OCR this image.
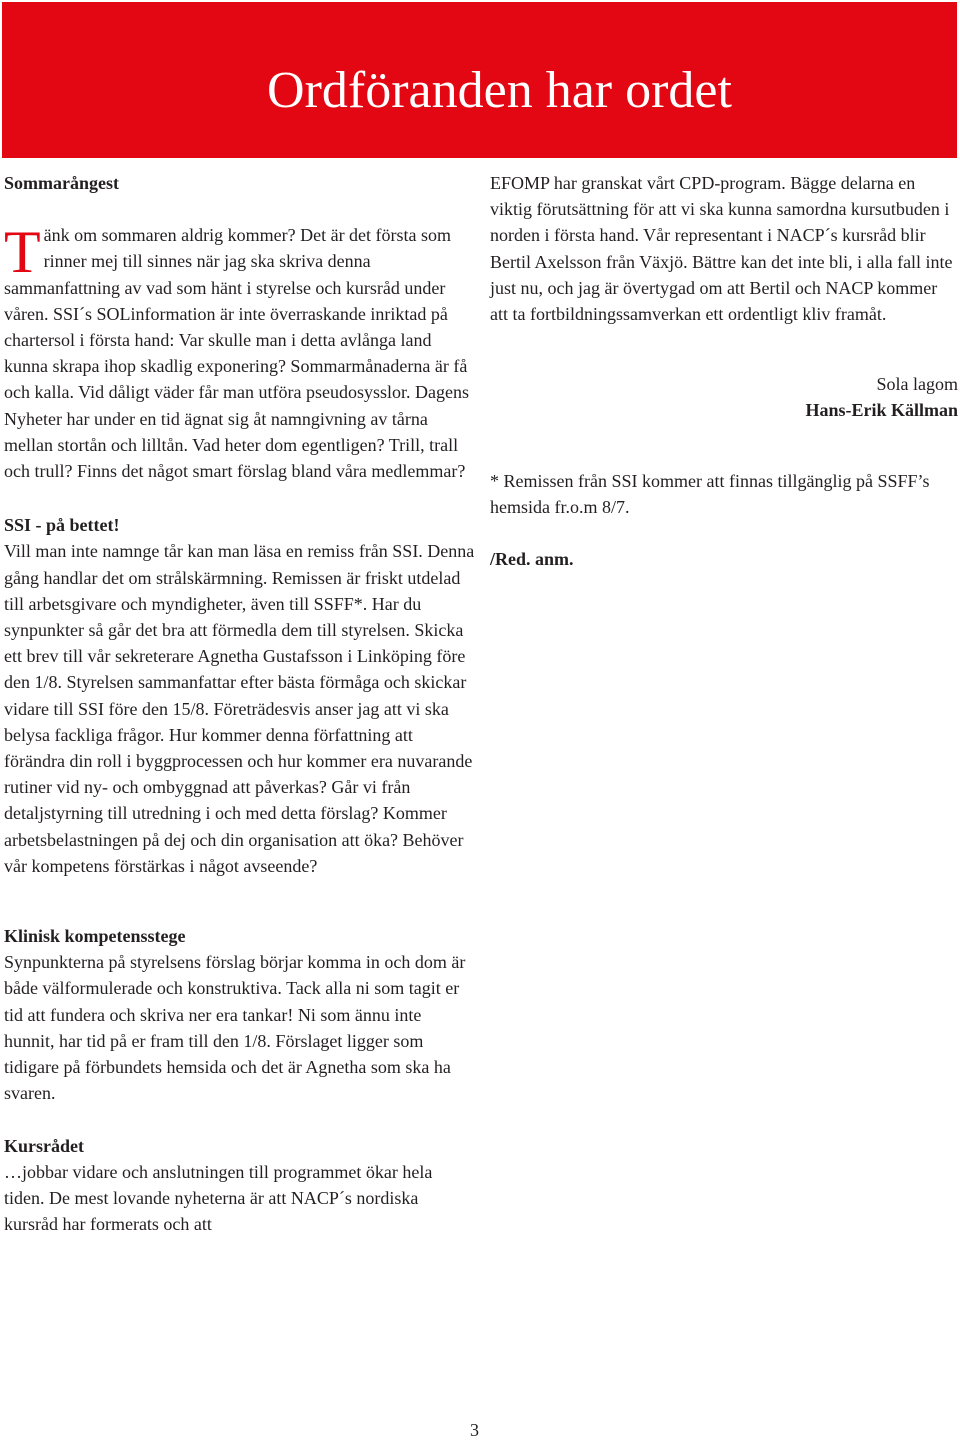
Ordföranden har ordet
Sommarångest

Tänk om sommaren aldrig kommer? Det är det första som rinner mej till sinnes när jag ska skriva denna sammanfattning av vad som hänt i styrelse och kursråd under våren. SSI´s SOLinformation är inte överraskande inriktad på chartersol i första hand: Var skulle man i detta avlånga land kunna skrapa ihop skadlig exponering? Sommarmånaderna är få och kalla. Vid dåligt väder får man utföra pseudosysslor. Dagens Nyheter har under en tid ägnat sig åt namngivning av tårna mellan stortån och lilltån. Vad heter dom egentligen? Trill, trall och trull? Finns det något smart förslag bland våra medlemmar?

SSI - på bettet!

Vill man inte namnge tår kan man läsa en remiss från SSI. Denna gång handlar det om strålskärmning. Remissen är friskt utdelad till arbetsgivare och myndigheter, även till SSFF*. Har du synpunkter så går det bra att förmedla dem till styrelsen. Skicka ett brev till vår sekreterare Agnetha Gustafsson i Linköping före den 1/8. Styrelsen sammanfattar efter bästa förmåga och skickar vidare till SSI före den 15/8. Företrädesvis anser jag att vi ska belysa fackliga frågor. Hur kommer denna författning att förändra din roll i byggprocessen och hur kommer era nuvarande rutiner vid ny- och ombyggnad att påverkas? Går vi från detaljstyrning till utredning i och med detta förslag? Kommer arbetsbelastningen på dej och din organisation att öka? Behöver vår kompetens förstärkas i något avseende?

Klinisk kompetensstege

Synpunkterna på styrelsens förslag börjar komma in och dom är både välformulerade och konstruktiva. Tack alla ni som tagit er tid att fundera och skriva ner era tankar! Ni som ännu inte hunnit, har tid på er fram till den 1/8. Förslaget ligger som tidigare på förbundets hemsida och det är Agnetha som ska ha svaren.

Kursrådet

…jobbar vidare och anslutningen till programmet ökar hela tiden. De mest lovande nyheterna är att NACP´s nordiska kursråd har formerats och att

EFOMP har granskat vårt CPD-program. Bägge delarna en viktig förutsättning för att vi ska kunna samordna kursutbuden i norden i första hand. Vår representant i NACP´s kursråd blir Bertil Axelsson från Växjö. Bättre kan det inte bli, i alla fall inte just nu, och jag är övertygad om att Bertil och NACP kommer att ta fortbildningssamverkan ett ordentligt kliv framåt.

Sola lagom

Hans-Erik Källman

* Remissen från SSI kommer att finnas tillgänglig på SSFF’s hemsida fr.o.m 8/7.

/Red. anm.
3
